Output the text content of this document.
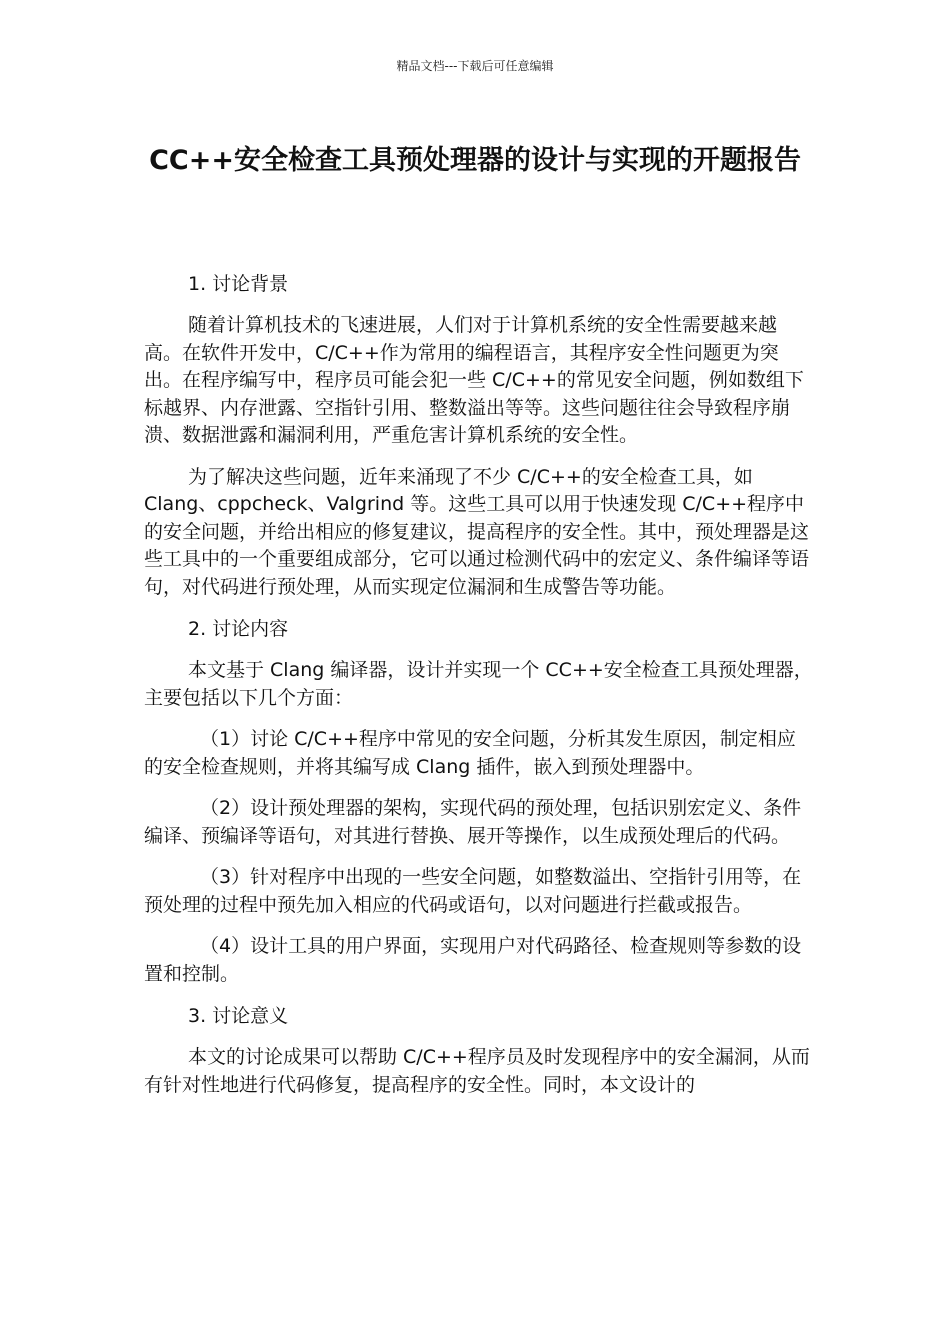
精品文档---下载后可任意编辑
CC++安全检查工具预处理器的设计与实现的开题报告
1. 讨论背景

随着计算机技术的飞速进展，人们对于计算机系统的安全性需要越来越高。在软件开发中，C/C++作为常用的编程语言，其程序安全性问题更为突出。在程序编写中，程序员可能会犯一些 C/C++的常见安全问题，例如数组下标越界、内存泄露、空指针引用、整数溢出等等。这些问题往往会导致程序崩溃、数据泄露和漏洞利用，严重危害计算机系统的安全性。

为了解决这些问题，近年来涌现了不少 C/C++的安全检查工具，如 Clang、cppcheck、Valgrind 等。这些工具可以用于快速发现 C/C++程序中的安全问题，并给出相应的修复建议，提高程序的安全性。其中，预处理器是这些工具中的一个重要组成部分，它可以通过检测代码中的宏定义、条件编译等语句，对代码进行预处理，从而实现定位漏洞和生成警告等功能。

2. 讨论内容

本文基于 Clang 编译器，设计并实现一个 CC++安全检查工具预处理器，主要包括以下几个方面：

（1）讨论 C/C++程序中常见的安全问题，分析其发生原因，制定相应的安全检查规则，并将其编写成 Clang 插件，嵌入到预处理器中。

（2）设计预处理器的架构，实现代码的预处理，包括识别宏定义、条件编译、预编译等语句，对其进行替换、展开等操作，以生成预处理后的代码。

（3）针对程序中出现的一些安全问题，如整数溢出、空指针引用等，在预处理的过程中预先加入相应的代码或语句，以对问题进行拦截或报告。

（4）设计工具的用户界面，实现用户对代码路径、检查规则等参数的设置和控制。

3. 讨论意义

本文的讨论成果可以帮助 C/C++程序员及时发现程序中的安全漏洞，从而有针对性地进行代码修复，提高程序的安全性。同时，本文设计的
